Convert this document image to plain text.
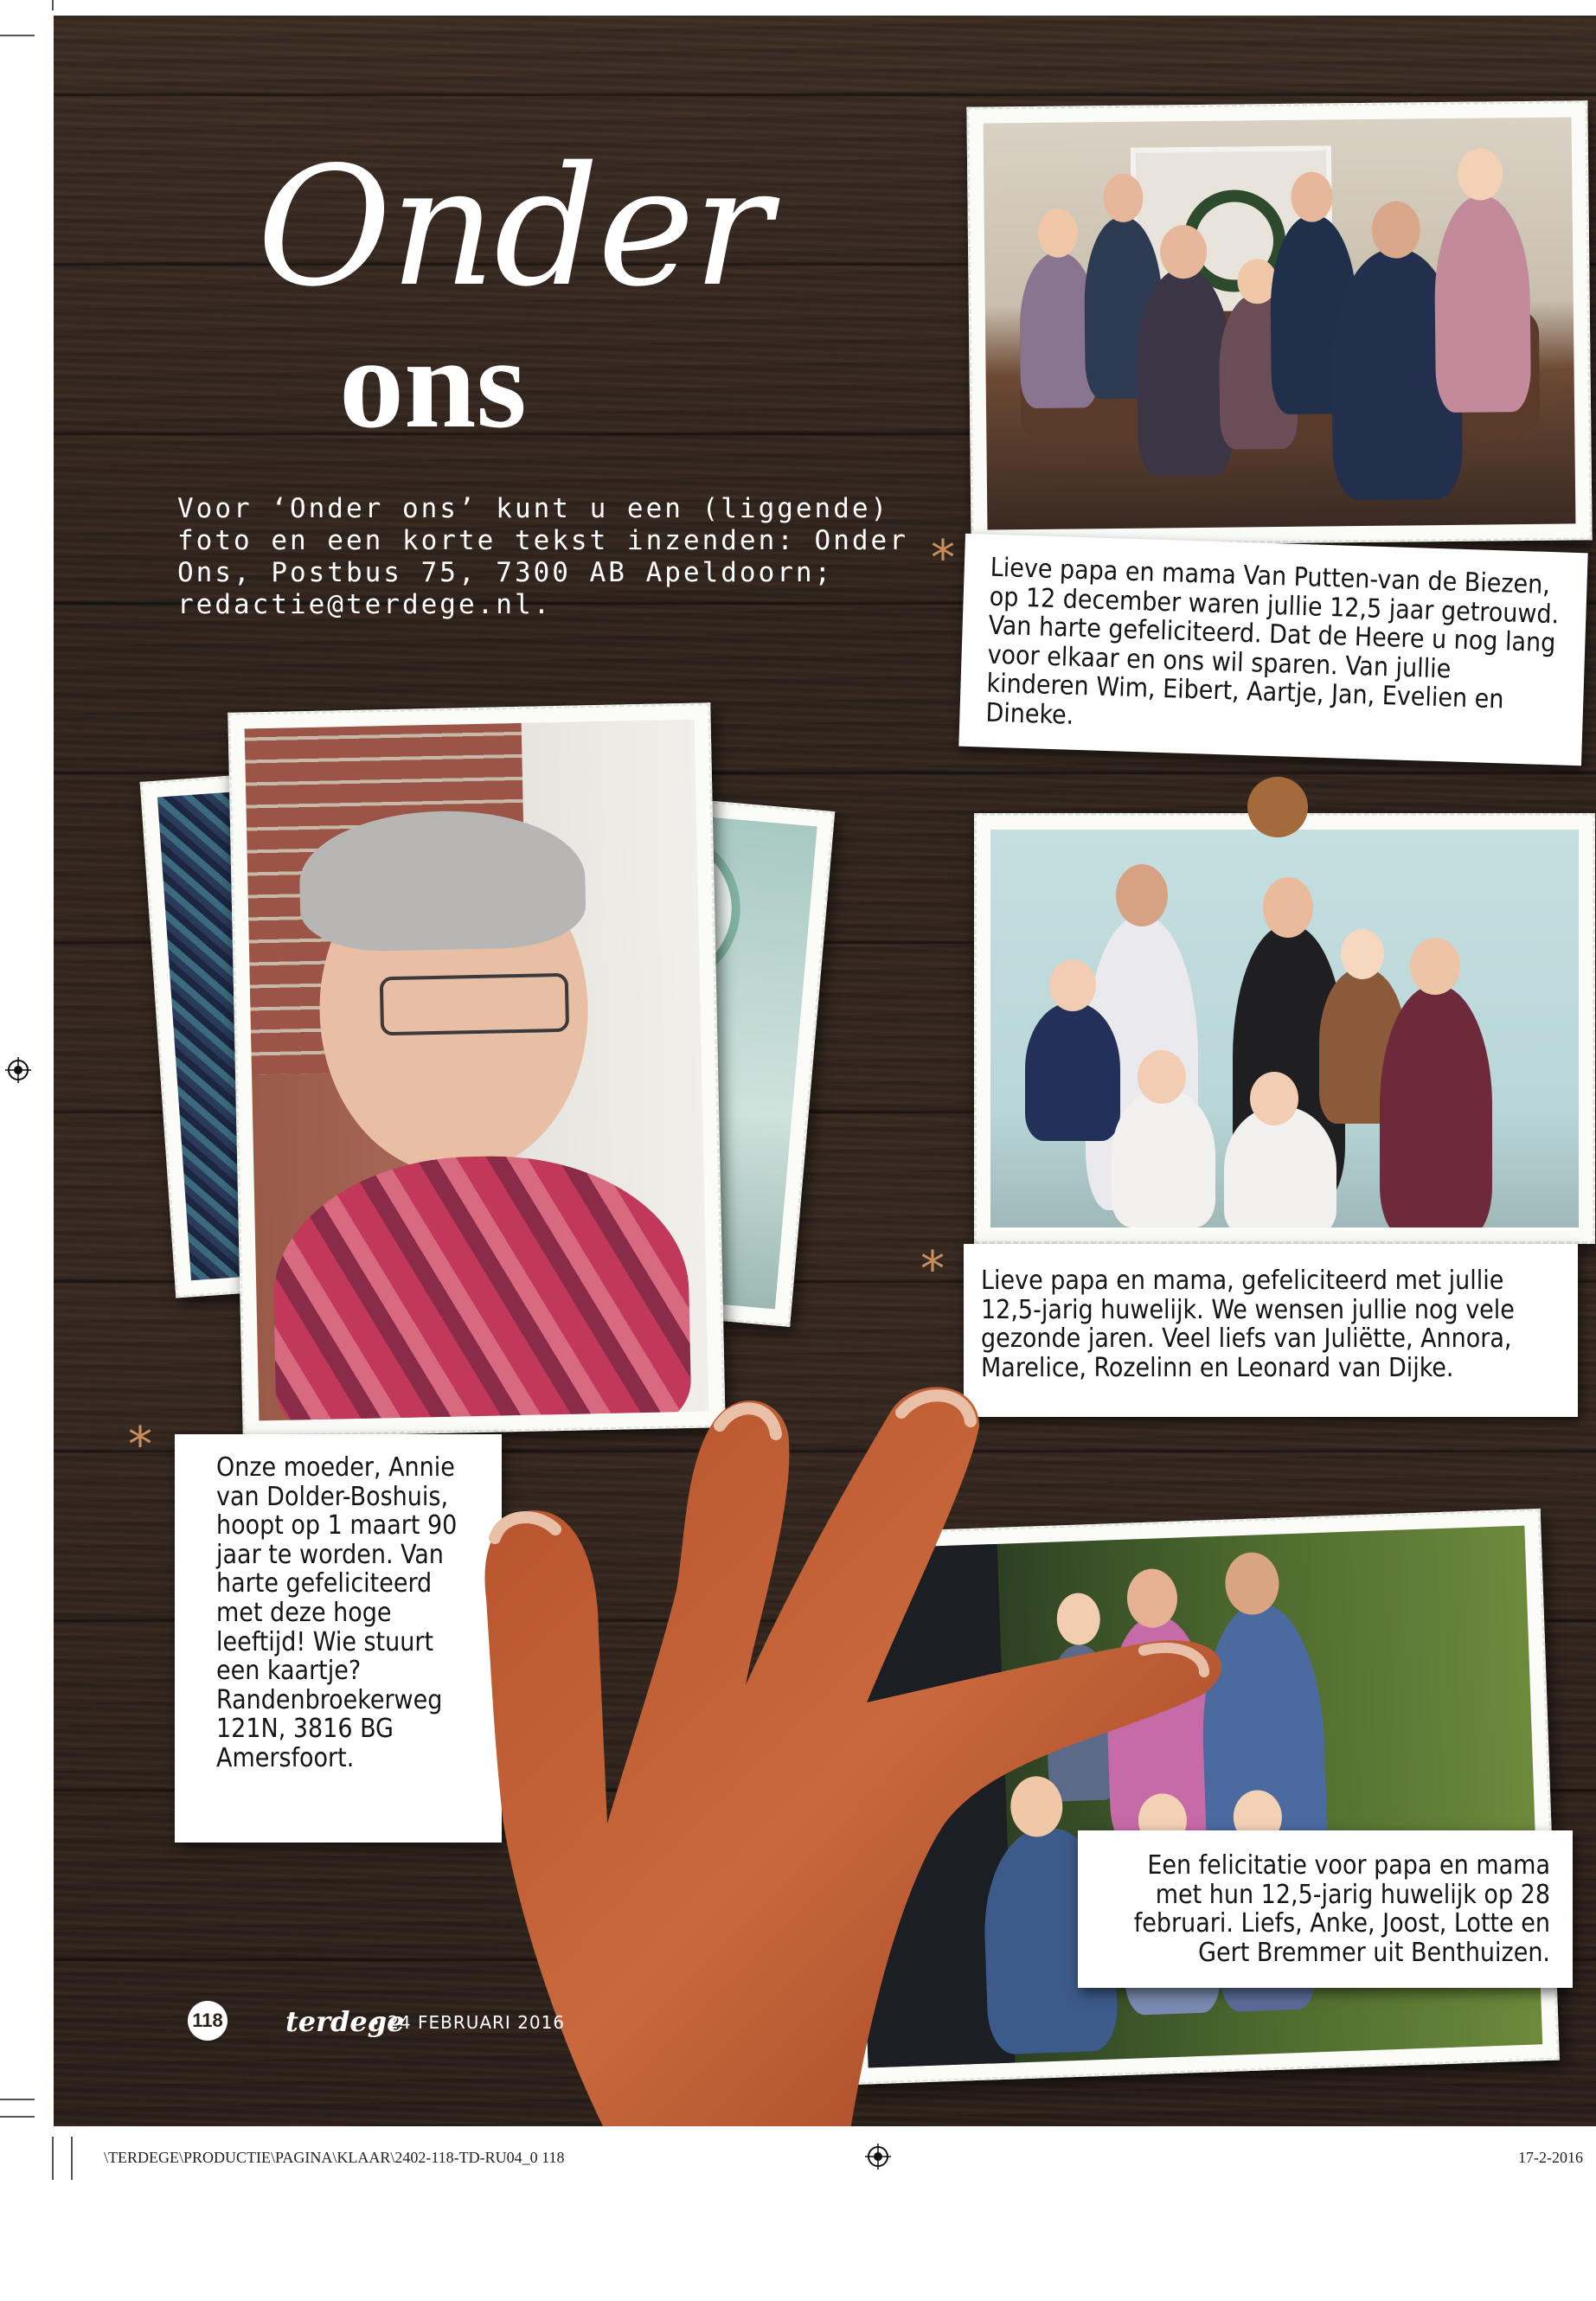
Onder
ons
Voor ‘Onder ons’ kunt u een (liggende) foto en een korte tekst inzenden: Onder Ons, Postbus 75, 7300 AB Apeldoorn; redactie@terdege.nl.
*	Lieve papa en mama Van Putten-van de Biezen, op 12 december waren jullie 12,5 jaar getrouwd. Van harte gefeliciteerd. Dat de Heere u nog lang voor elkaar en ons wil sparen. Van jullie kinderen Wim, Eibert, Aartje, Jan, Evelien en Dineke.
*	Lieve papa en mama, gefeliciteerd met jullie 12,5-jarig huwelijk. We wensen jullie nog vele gezonde jaren. Veel liefs van Juliëtte, Annora, Marelice, Rozelinn en Leonard van Dijke.
*	Onze moeder, Annie van Dolder-Boshuis, hoopt op 1 maart 90 jaar te worden. Van harte gefeliciteerd met deze hoge leeftijd! Wie stuurt een kaartje? Randenbroekerweg 121N, 3816 BG Amersfoort.
Een felicitatie voor papa en mama met hun 12,5-jarig huwelijk op 28 februari. Liefs, Anke, Joost, Lotte en Gert Bremmer uit Benthuizen.
118 terdege
• 24 FEBRUARI 2016
\TERDEGE\PRODUCTIE\PAGINA\KLAAR\2402-118-TD-RU04_0 118	17-2-2016
